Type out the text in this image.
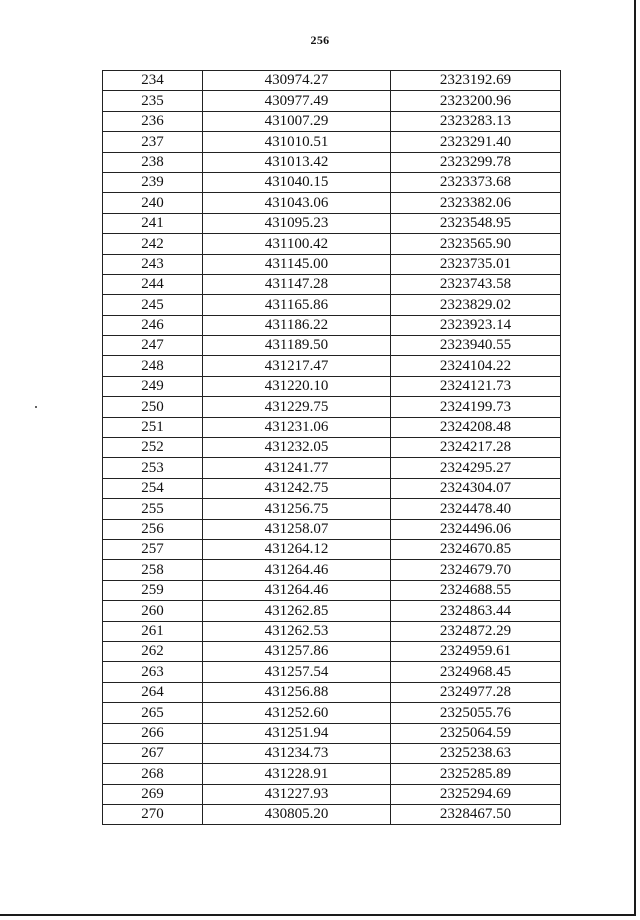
256
234	430974.27	2323192.69
235	430977.49	2323200.96
236	431007.29	2323283.13
237	431010.51	2323291.40
238	431013.42	2323299.78
239	431040.15	2323373.68
240	431043.06	2323382.06
241	431095.23	2323548.95
242	431100.42	2323565.90
243	431145.00	2323735.01
244	431147.28	2323743.58
245	431165.86	2323829.02
246	431186.22	2323923.14
247	431189.50	2323940.55
248	431217.47	2324104.22
249	431220.10	2324121.73
250	431229.75	2324199.73
251	431231.06	2324208.48
252	431232.05	2324217.28
253	431241.77	2324295.27
254	431242.75	2324304.07
255	431256.75	2324478.40
256	431258.07	2324496.06
257	431264.12	2324670.85
258	431264.46	2324679.70
259	431264.46	2324688.55
260	431262.85	2324863.44
261	431262.53	2324872.29
262	431257.86	2324959.61
263	431257.54	2324968.45
264	431256.88	2324977.28
265	431252.60	2325055.76
266	431251.94	2325064.59
267	431234.73	2325238.63
268	431228.91	2325285.89
269	431227.93	2325294.69
270	430805.20	2328467.50
